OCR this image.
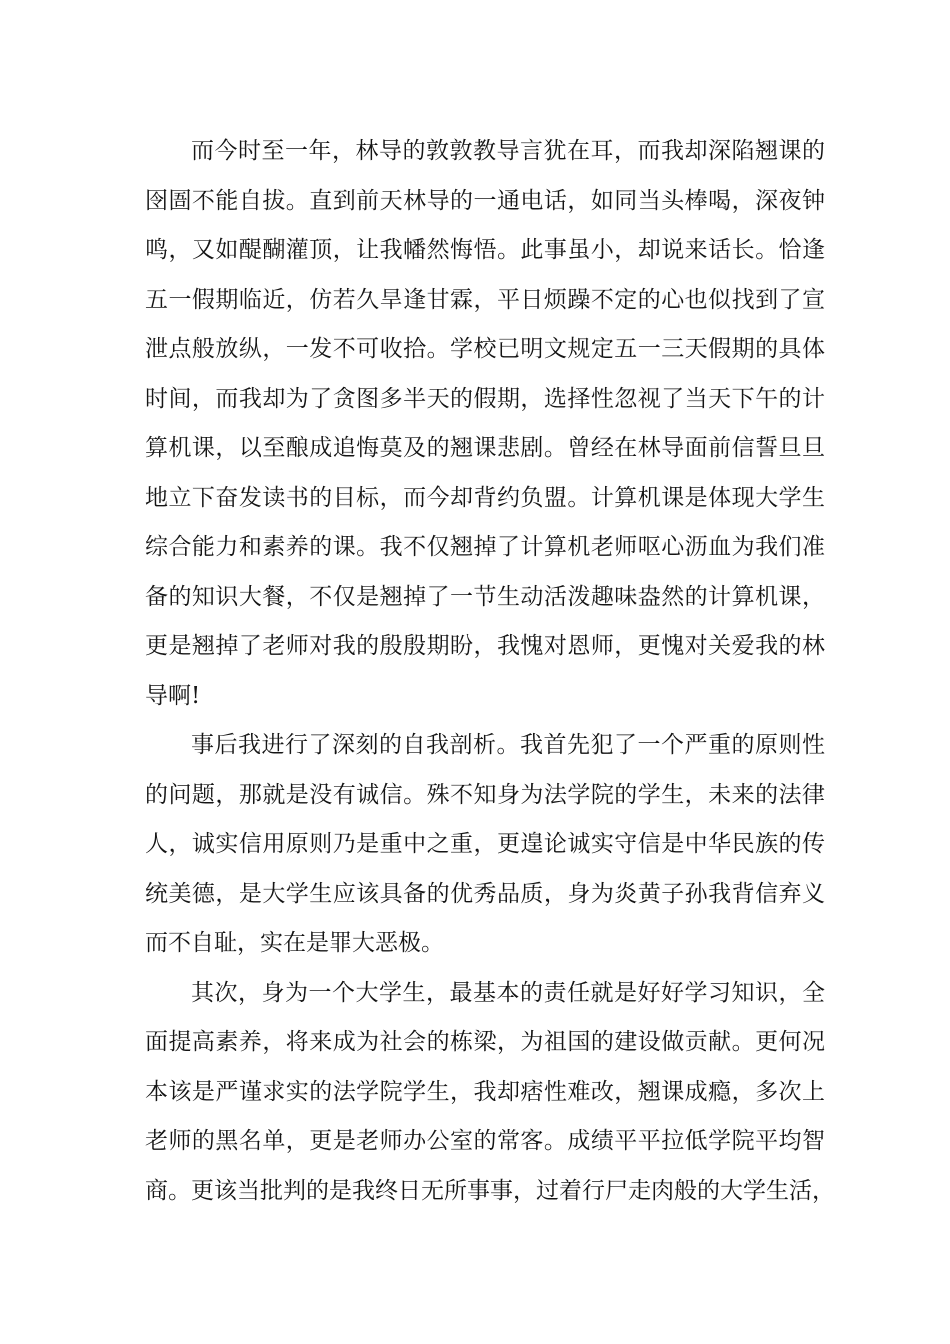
而今时至一年，林导的敦敦教导言犹在耳，而我却深陷翘课的
囹圄不能自拔。直到前天林导的一通电话，如同当头棒喝，深夜钟
鸣，又如醍醐灌顶，让我幡然悔悟。此事虽小，却说来话长。恰逢
五一假期临近，仿若久旱逢甘霖，平日烦躁不定的心也似找到了宣
泄点般放纵，一发不可收拾。学校已明文规定五一三天假期的具体
时间，而我却为了贪图多半天的假期，选择性忽视了当天下午的计
算机课，以至酿成追悔莫及的翘课悲剧。曾经在林导面前信誓旦旦
地立下奋发读书的目标，而今却背约负盟。计算机课是体现大学生
综合能力和素养的课。我不仅翘掉了计算机老师呕心沥血为我们准
备的知识大餐，不仅是翘掉了一节生动活泼趣味盎然的计算机课，
更是翘掉了老师对我的殷殷期盼，我愧对恩师，更愧对关爱我的林
导啊!
事后我进行了深刻的自我剖析。我首先犯了一个严重的原则性
的问题，那就是没有诚信。殊不知身为法学院的学生，未来的法律
人，诚实信用原则乃是重中之重，更遑论诚实守信是中华民族的传
统美德，是大学生应该具备的优秀品质，身为炎黄子孙我背信弃义
而不自耻，实在是罪大恶极。
其次，身为一个大学生，最基本的责任就是好好学习知识，全
面提高素养，将来成为社会的栋梁，为祖国的建设做贡献。更何况
本该是严谨求实的法学院学生，我却痞性难改，翘课成瘾，多次上
老师的黑名单，更是老师办公室的常客。成绩平平拉低学院平均智
商。更该当批判的是我终日无所事事，过着行尸走肉般的大学生活，
